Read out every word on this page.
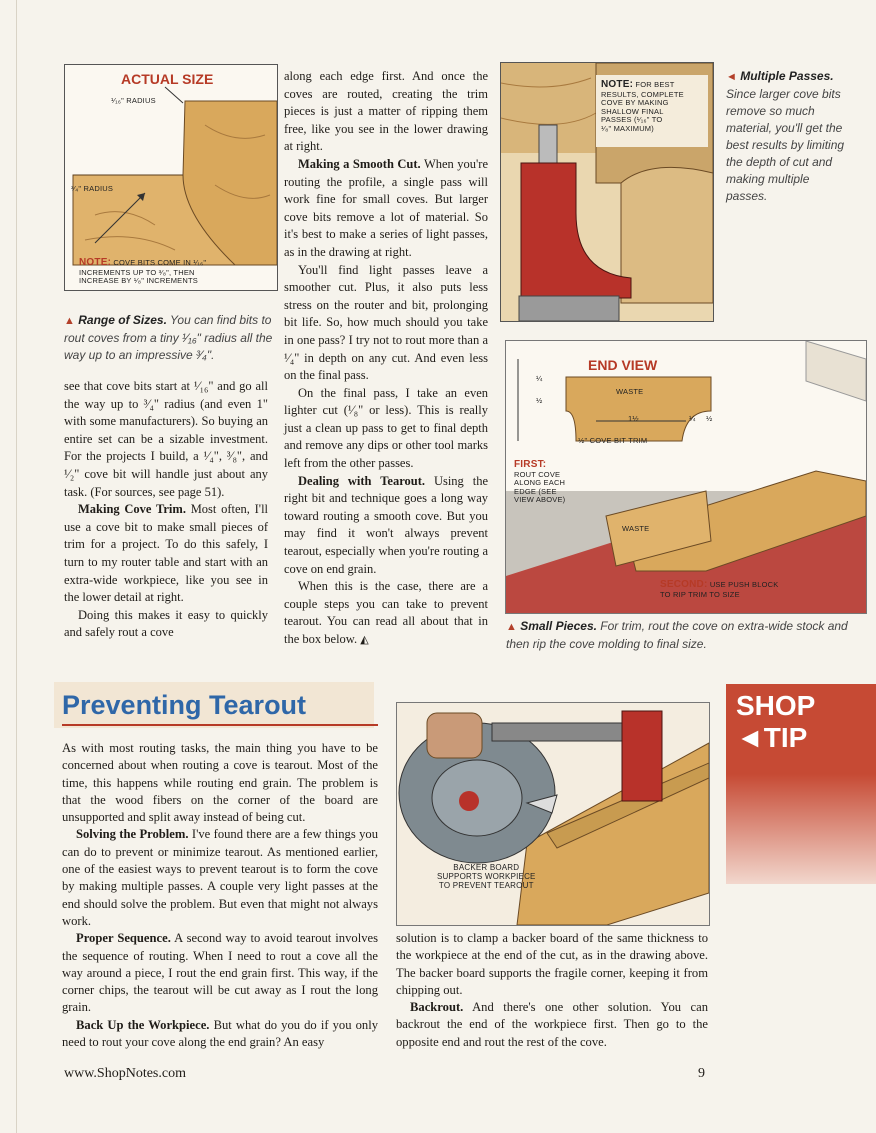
ACTUAL SIZE
¹⁄₁₆" RADIUS
³⁄₄" RADIUS
NOTE: COVE BITS COME IN ¹⁄₁₆"
INCREMENTS UP TO ³⁄₈", THEN
INCREASE BY ¹⁄₈" INCREMENTS
▲ Range of Sizes. You can find bits to rout coves from a tiny ¹⁄₁₆" radius all the way up to an impressive ³⁄₄".

see that cove bits start at ¹⁄₁₆" and go all the way up to ³⁄₄" radius (and even 1" with some manufacturers). So buying an entire set can be a sizable investment. For the projects I build, a ¹⁄₄", ³⁄₈", and ¹⁄₂" cove bit will handle just about any task. (For sources, see page 51).

Making Cove Trim. Most often, I'll use a cove bit to make small pieces of trim for a project. To do this safely, I turn to my router table and start with an extra-wide workpiece, like you see in the lower detail at right.

Doing this makes it easy to quickly and safely rout a cove

along each edge first. And once the coves are routed, creating the trim pieces is just a matter of ripping them free, like you see in the lower drawing at right.

Making a Smooth Cut. When you're routing the profile, a single pass will work fine for small coves. But larger cove bits remove a lot of material. So it's best to make a series of light passes, as in the drawing at right.

You'll find light passes leave a smoother cut. Plus, it also puts less stress on the router and bit, prolonging bit life. So, how much should you take in one pass? I try not to rout more than a ¹⁄₄" in depth on any cut. And even less on the final pass.

On the final pass, I take an even lighter cut (¹⁄₈" or less). This is really just a clean up pass to get to final depth and remove any dips or other tool marks left from the other passes.

Dealing with Tearout. Using the right bit and technique goes a long way toward routing a smooth cove. But you may find it won't always prevent tearout, especially when you're routing a cove on end grain.

When this is the case, there are a couple steps you can take to prevent tearout. You can read all about that in the box below. ◭

NOTE: FOR BEST
RESULTS, COMPLETE
COVE BY MAKING
SHALLOW FINAL
PASSES (¹⁄₁₆" TO
¹⁄₈" MAXIMUM)
◄ Multiple Passes. Since larger cove bits remove so much material, you'll get the best results by limiting the depth of cut and making multiple passes.
END VIEW
WASTE
¼
½
1½	¼ ½
½" COVE BIT TRIM
FIRST:
ROUT COVE
ALONG EACH
EDGE (SEE
VIEW ABOVE)
WASTE
SECOND: USE PUSH BLOCK
TO RIP TRIM TO SIZE
▲ Small Pieces. For trim, rout the cove on extra-wide stock and then rip the cove molding to final size.
Preventing Tearout

As with most routing tasks, the main thing you have to be concerned about when routing a cove is tearout. Most of the time, this happens while routing end grain. The problem is that the wood fibers on the corner of the board are unsupported and split away instead of being cut.

Solving the Problem. I've found there are a few things you can do to prevent or minimize tearout. As mentioned earlier, one of the easiest ways to prevent tearout is to form the cove by making multiple passes. A couple very light passes at the end should solve the problem. But even that might not always work.

Proper Sequence. A second way to avoid tearout involves the sequence of routing. When I need to rout a cove all the way around a piece, I rout the end grain first. This way, if the corner chips, the tearout will be cut away as I rout the long grain.

Back Up the Workpiece. But what do you do if you only need to rout your cove along the end grain? An easy

BACKER BOARD
SUPPORTS WORKPIECE
TO PREVENT TEAROUT

solution is to clamp a backer board of the same thickness to the workpiece at the end of the cut, as in the drawing above. The backer board supports the fragile corner, keeping it from chipping out.

Backrout. And there's one other solution. You can backrout the end of the workpiece first. Then go to the opposite end and rout the rest of the cove.

SHOP
◄TIP
www.ShopNotes.com	9
